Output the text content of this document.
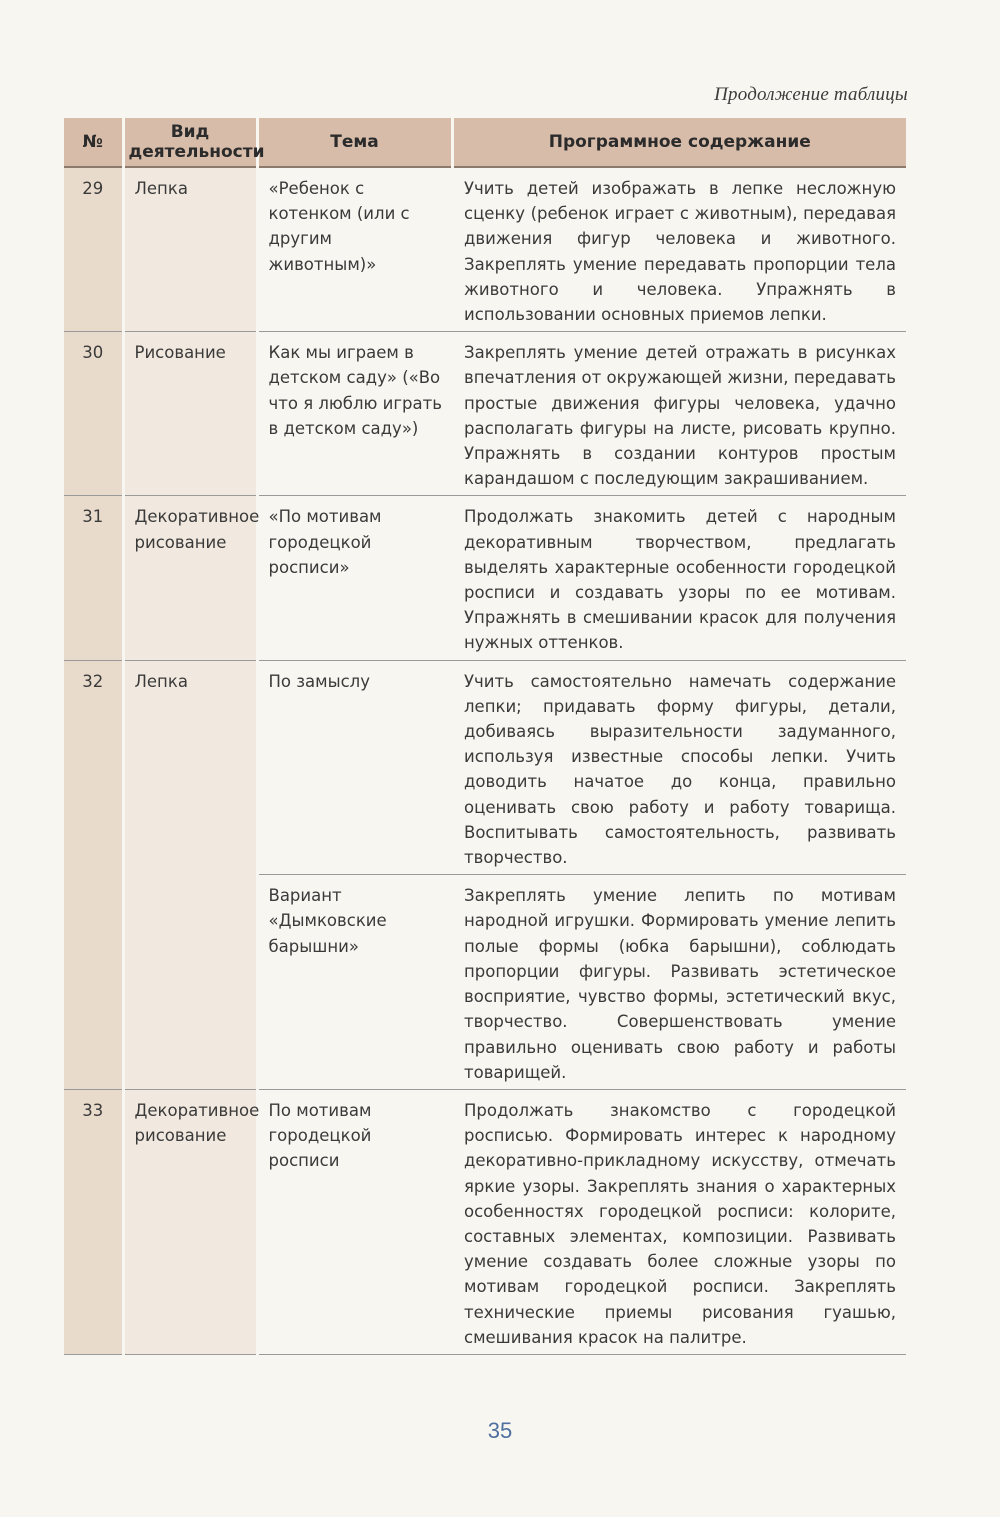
Продолжение таблицы
№	Вид деятельности	Тема	Программное содержание
29	Лепка	«Ребенок с котенком (или с другим животным)»	Учить детей изображать в лепке несложную сценку (ребенок играет с животным), передавая движения фигур человека и животного. Закреплять умение передавать пропорции тела животного и человека. Упражнять в использовании основных приемов лепки.
30	Рисование	Как мы играем в детском саду» («Во что я люблю играть в детском саду»)	Закреплять умение детей отражать в рисунках впечатления от окружающей жизни, передавать простые движения фигуры человека, удачно располагать фигуры на листе, рисовать крупно. Упражнять в создании контуров простым карандашом с последующим закрашиванием.
31	Декоративное рисование	«По мотивам городецкой росписи»	Продолжать знакомить детей с народным декоративным творчеством, предлагать выделять характерные особенности городецкой росписи и создавать узоры по ее мотивам. Упражнять в смешивании красок для получения нужных оттенков.
32	Лепка	По замыслу	Учить самостоятельно намечать содержание лепки; придавать форму фигуры, детали, добиваясь выразительности задуманного, используя известные способы лепки. Учить доводить начатое до конца, правильно оценивать свою работу и работу товарища. Воспитывать самостоятельность, развивать творчество.
		Вариант «Дымковские барышни»	Закреплять умение лепить по мотивам народной игрушки. Формировать умение лепить полые формы (юбка барышни), соблюдать пропорции фигуры. Развивать эстетическое восприятие, чувство формы, эстетический вкус, творчество. Совершенствовать умение правильно оценивать свою работу и работы товарищей.
33	Декоративное рисование	По мотивам городецкой росписи	Продолжать знакомство с городецкой росписью. Формировать интерес к народному декоративно-прикладному искусству, отмечать яркие узоры. Закреплять знания о характерных особенностях городецкой росписи: колорите, составных элементах, композиции. Развивать умение создавать более сложные узоры по мотивам городецкой росписи. Закреплять технические приемы рисования гуашью, смешивания красок на палитре.
35
